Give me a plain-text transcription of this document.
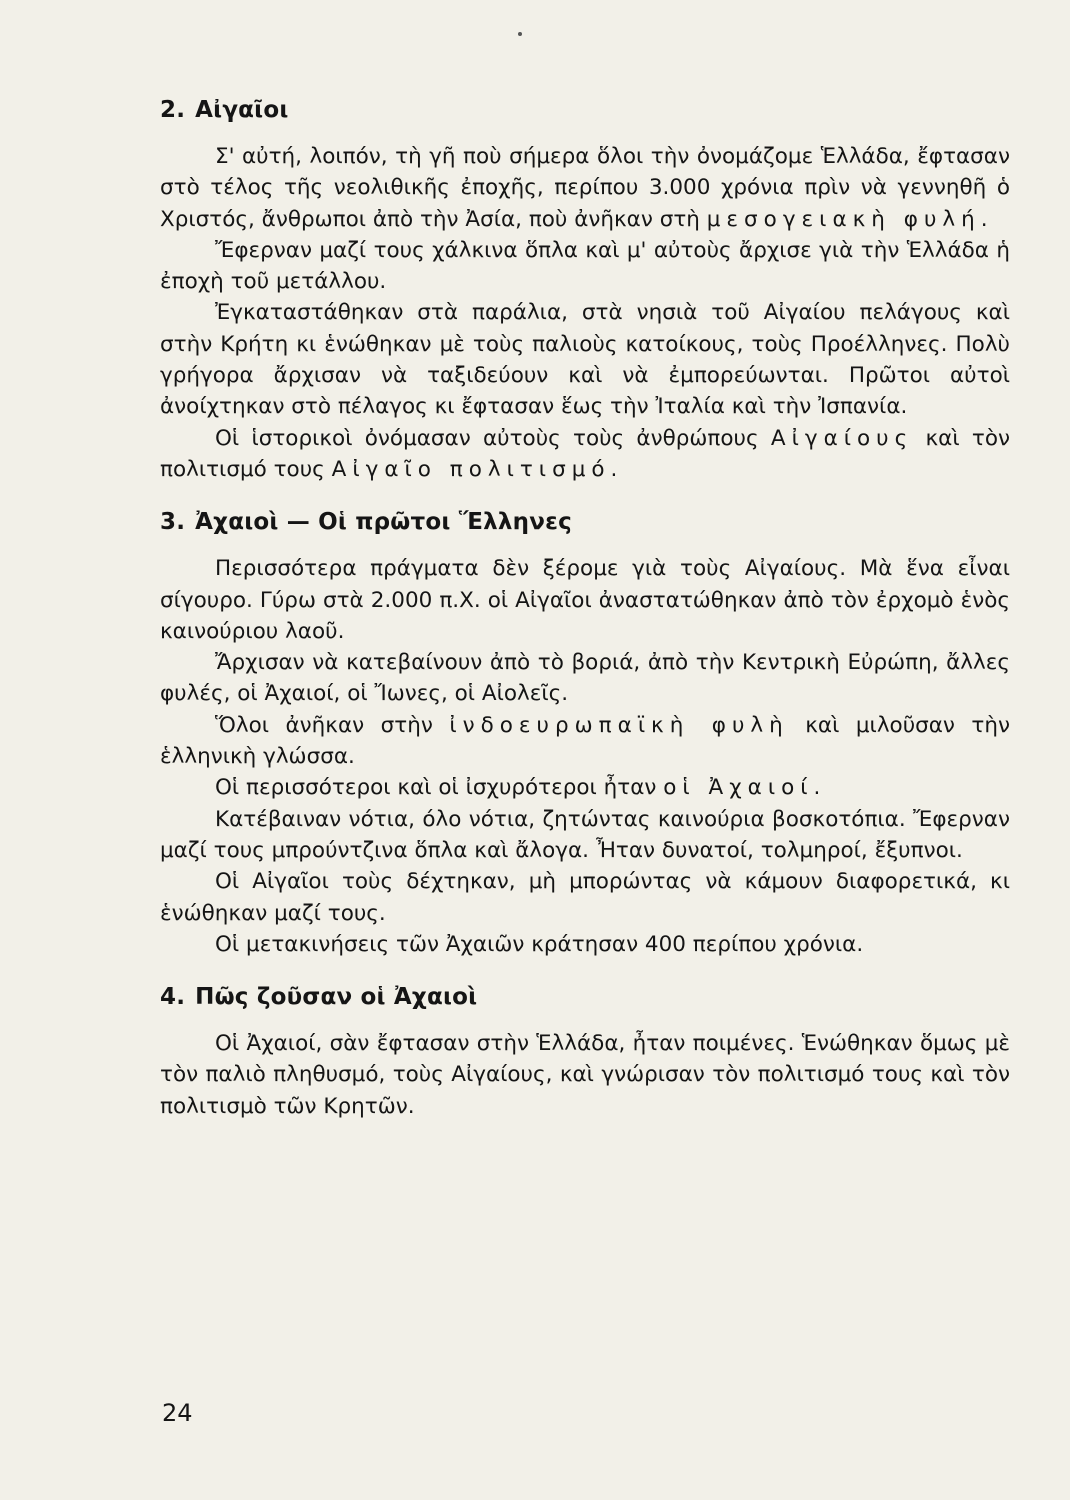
2. Αἰγαῖοι

Σ' αὐτή, λοιπόν, τὴ γῆ ποὺ σήμερα ὅλοι τὴν ὀνομάζομε Ἑλλάδα, ἔφτασαν στὸ τέλος τῆς νεολιθικῆς ἐποχῆς, περίπου 3.000 χρόνια πρὶν νὰ γεννηθῆ ὁ Χριστός, ἄνθρωποι ἀπὸ τὴν Ἀσία, ποὺ ἀνῆκαν στὴ μεσογειακὴ φυλή.

Ἔφερναν μαζί τους χάλκινα ὅπλα καὶ μ' αὐτοὺς ἄρχισε γιὰ τὴν Ἑλλάδα ἡ ἐποχὴ τοῦ μετάλλου.

Ἐγκαταστάθηκαν στὰ παράλια, στὰ νησιὰ τοῦ Αἰγαίου πελάγους καὶ στὴν Κρήτη κι ἑνώθηκαν μὲ τοὺς παλιοὺς κατοίκους, τοὺς Προέλληνες. Πολὺ γρήγορα ἄρχισαν νὰ ταξιδεύουν καὶ νὰ ἐμπορεύωνται. Πρῶτοι αὐτοὶ ἀνοίχτηκαν στὸ πέλαγος κι ἔφτασαν ἕως τὴν Ἰταλία καὶ τὴν Ἰσπανία.

Οἱ ἱστορικοὶ ὀνόμασαν αὐτοὺς τοὺς ἀνθρώπους Αἰγαίους καὶ τὸν πολιτισμό τους Αἰγαῖο πολιτισμό.

3. Ἀχαιοὶ — Οἱ πρῶτοι Ἕλληνες

Περισσότερα πράγματα δὲν ξέρομε γιὰ τοὺς Αἰγαίους. Μὰ ἕνα εἶναι σίγουρο. Γύρω στὰ 2.000 π.Χ. οἱ Αἰγαῖοι ἀναστατώθηκαν ἀπὸ τὸν ἐρχομὸ ἑνὸς καινούριου λαοῦ.

Ἄρχισαν νὰ κατεβαίνουν ἀπὸ τὸ βοριά, ἀπὸ τὴν Κεντρικὴ Εὐρώπη, ἄλλες φυλές, οἱ Ἀχαιοί, οἱ Ἴωνες, οἱ Αἰολεῖς.

Ὅλοι ἀνῆκαν στὴν ἰνδοευρωπαϊκὴ φυλὴ καὶ μιλοῦσαν τὴν ἑλληνικὴ γλώσσα.

Οἱ περισσότεροι καὶ οἱ ἰσχυρότεροι ἦταν οἱ Ἀχαιοί.

Κατέβαιναν νότια, όλο νότια, ζητώντας καινούρια βοσκοτόπια. Ἔφερναν μαζί τους μπρούντζινα ὅπλα καὶ ἄλογα. Ἦταν δυνατοί, τολμηροί, ἔξυπνοι.

Οἱ Αἰγαῖοι τοὺς δέχτηκαν, μὴ μπορώντας νὰ κάμουν διαφορετικά, κι ἑνώθηκαν μαζί τους.

Οἱ μετακινήσεις τῶν Ἀχαιῶν κράτησαν 400 περίπου χρόνια.

4. Πῶς ζοῦσαν οἱ Ἀχαιοὶ

Οἱ Ἀχαιοί, σὰν ἔφτασαν στὴν Ἑλλάδα, ἦταν ποιμένες. Ἑνώθηκαν ὅμως μὲ τὸν παλιὸ πληθυσμό, τοὺς Αἰγαίους, καὶ γνώρισαν τὸν πολιτισμό τους καὶ τὸν πολιτισμὸ τῶν Κρητῶν.

24
